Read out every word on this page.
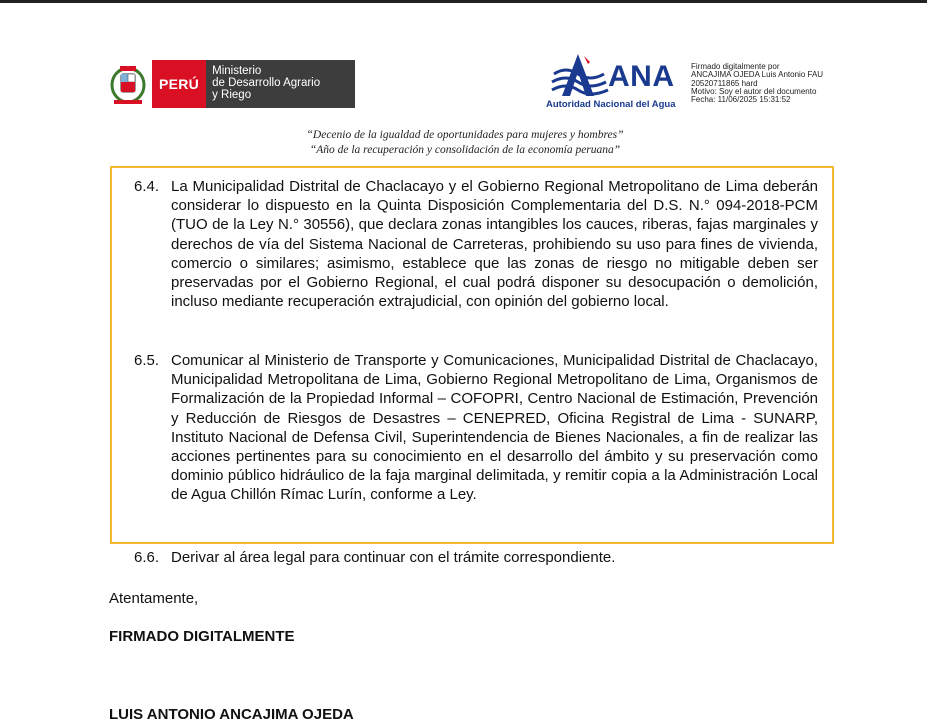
PERÚ
Ministerio
de Desarrollo Agrario
y Riego
ANA
Autoridad Nacional del Agua
Firmado digitalmente por
ANCAJIMA OJEDA Luis Antonio FAU
20520711865 hard
Motivo: Soy el autor del documento
Fecha: 11/06/2025 15:31:52
“Decenio de la igualdad de oportunidades para mujeres y hombres”
“Año de la recuperación y consolidación de la economía peruana”
6.4. La Municipalidad Distrital de Chaclacayo y el Gobierno Regional Metropolitano de Lima deberán considerar lo dispuesto en la Quinta Disposición Complementaria del D.S. N.° 094-2018-PCM (TUO de la Ley N.° 30556), que declara zonas intangibles los cauces, riberas, fajas marginales y derechos de vía del Sistema Nacional de Carreteras, prohibiendo su uso para fines de vivienda, comercio o similares; asimismo, establece que las zonas de riesgo no mitigable deben ser preservadas por el Gobierno Regional, el cual podrá disponer su desocupación o demolición, incluso mediante recuperación extrajudicial, con opinión del gobierno local.
6.5. Comunicar al Ministerio de Transporte y Comunicaciones, Municipalidad Distrital de Chaclacayo, Municipalidad Metropolitana de Lima, Gobierno Regional Metropolitano de Lima, Organismos de Formalización de la Propiedad Informal – COFOPRI, Centro Nacional de Estimación, Prevención y Reducción de Riesgos de Desastres – CENEPRED, Oficina Registral de Lima - SUNARP, Instituto Nacional de Defensa Civil, Superintendencia de Bienes Nacionales, a fin de realizar las acciones pertinentes para su conocimiento en el desarrollo del ámbito y su preservación como dominio público hidráulico de la faja marginal delimitada, y remitir copia a la Administración Local de Agua Chillón Rímac Lurín, conforme a Ley.
6.6. Derivar al área legal para continuar con el trámite correspondiente.
Atentamente,
FIRMADO DIGITALMENTE
LUIS ANTONIO ANCAJIMA OJEDA
